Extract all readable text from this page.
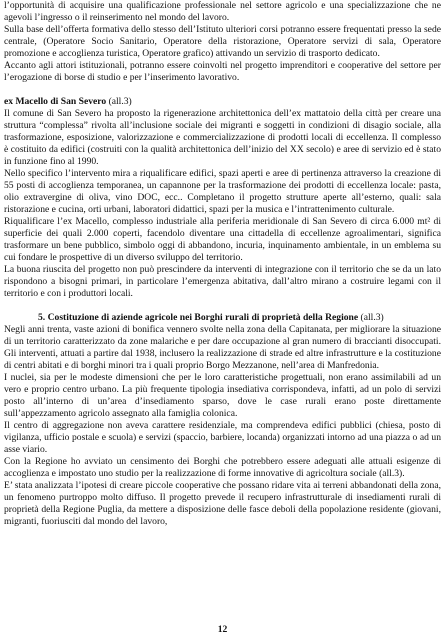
l’opportunità di acquisire una qualificazione professionale nel settore agricolo e una specializzazione che ne agevoli l’ingresso o il reinserimento nel mondo del lavoro.

Sulla base dell’offerta formativa dello stesso dell’Istituto ulteriori corsi potranno essere frequentati presso la sede centrale, (Operatore Socio Sanitario, Operatore della ristorazione, Operatore servizi di sala, Operatore promozione e accoglienza turistica, Operatore grafico) attivando un servizio di trasporto dedicato.

Accanto agli attori istituzionali, potranno essere coinvolti nel progetto imprenditori e cooperative del settore per l’erogazione di borse di studio e per l’inserimento lavorativo.

ex Macello di San Severo (all.3)

Il comune di San Severo ha proposto la rigenerazione architettonica dell’ex mattatoio della città per creare una struttura “complessa” rivolta all’inclusione sociale dei migranti e soggetti in condizioni di disagio sociale, alla trasformazione, esposizione, valorizzazione e commercializzazione di prodotti locali di eccellenza. Il complesso è costituito da edifici (costruiti con la qualità architettonica dell’inizio del XX secolo) e aree di servizio ed è stato in funzione fino al 1990.

Nello specifico l’intervento mira a riqualificare edifici, spazi aperti e aree di pertinenza attraverso la creazione di 55 posti di accoglienza temporanea, un capannone per la trasformazione dei prodotti di eccellenza locale: pasta, olio extravergine di oliva, vino DOC, ecc.. Completano il progetto strutture aperte all’esterno, quali: sala ristorazione e cucina, orti urbani, laboratori didattici, spazi per la musica e l’intrattenimento culturale.

Riqualificare l’ex Macello, complesso industriale alla periferia meridionale di San Severo di circa 6.000 mt² di superficie dei quali 2.000 coperti, facendolo diventare una cittadella di eccellenze agroalimentari, significa trasformare un bene pubblico, simbolo oggi di abbandono, incuria, inquinamento ambientale, in un emblema su cui fondare le prospettive di un diverso sviluppo del territorio.

La buona riuscita del progetto non può prescindere da interventi di integrazione con il territorio che se da un lato rispondono a bisogni primari, in particolare l’emergenza abitativa, dall’altro mirano a costruire legami con il territorio e con i produttori locali.

5. Costituzione di aziende agricole nei Borghi rurali di proprietà della Regione (all.3)

Negli anni trenta, vaste azioni di bonifica vennero svolte nella zona della Capitanata, per migliorare la situazione di un territorio caratterizzato da zone malariche e per dare occupazione al gran numero di braccianti disoccupati. Gli interventi, attuati a partire dal 1938, inclusero la realizzazione di strade ed altre infrastrutture e la costituzione di centri abitati e di borghi minori tra i quali proprio Borgo Mezzanone, nell’area di Manfredonia.

I nuclei, sia per le modeste dimensioni che per le loro caratteristiche progettuali, non erano assimilabili ad un vero e proprio centro urbano. La più frequente tipologia insediativa corrispondeva, infatti, ad un polo di servizi posto all’interno di un’area d’insediamento sparso, dove le case rurali erano poste direttamente sull’appezzamento agricolo assegnato alla famiglia colonica.

Il centro di aggregazione non aveva carattere residenziale, ma comprendeva edifici pubblici (chiesa, posto di vigilanza, ufficio postale e scuola) e servizi (spaccio, barbiere, locanda) organizzati intorno ad una piazza o ad un asse viario.

Con la Regione ho avviato un censimento dei Borghi che potrebbero essere adeguati alle attuali esigenze di accoglienza e impostato uno studio per la realizzazione di forme innovative di agricoltura sociale (all.3).

E’ stata analizzata l’ipotesi di creare piccole cooperative che possano ridare vita ai terreni abbandonati della zona, un fenomeno purtroppo molto diffuso. Il progetto prevede il recupero infrastrutturale di insediamenti rurali di proprietà della Regione Puglia, da mettere a disposizione delle fasce deboli della popolazione residente (giovani, migranti, fuoriusciti dal mondo del lavoro,

12
